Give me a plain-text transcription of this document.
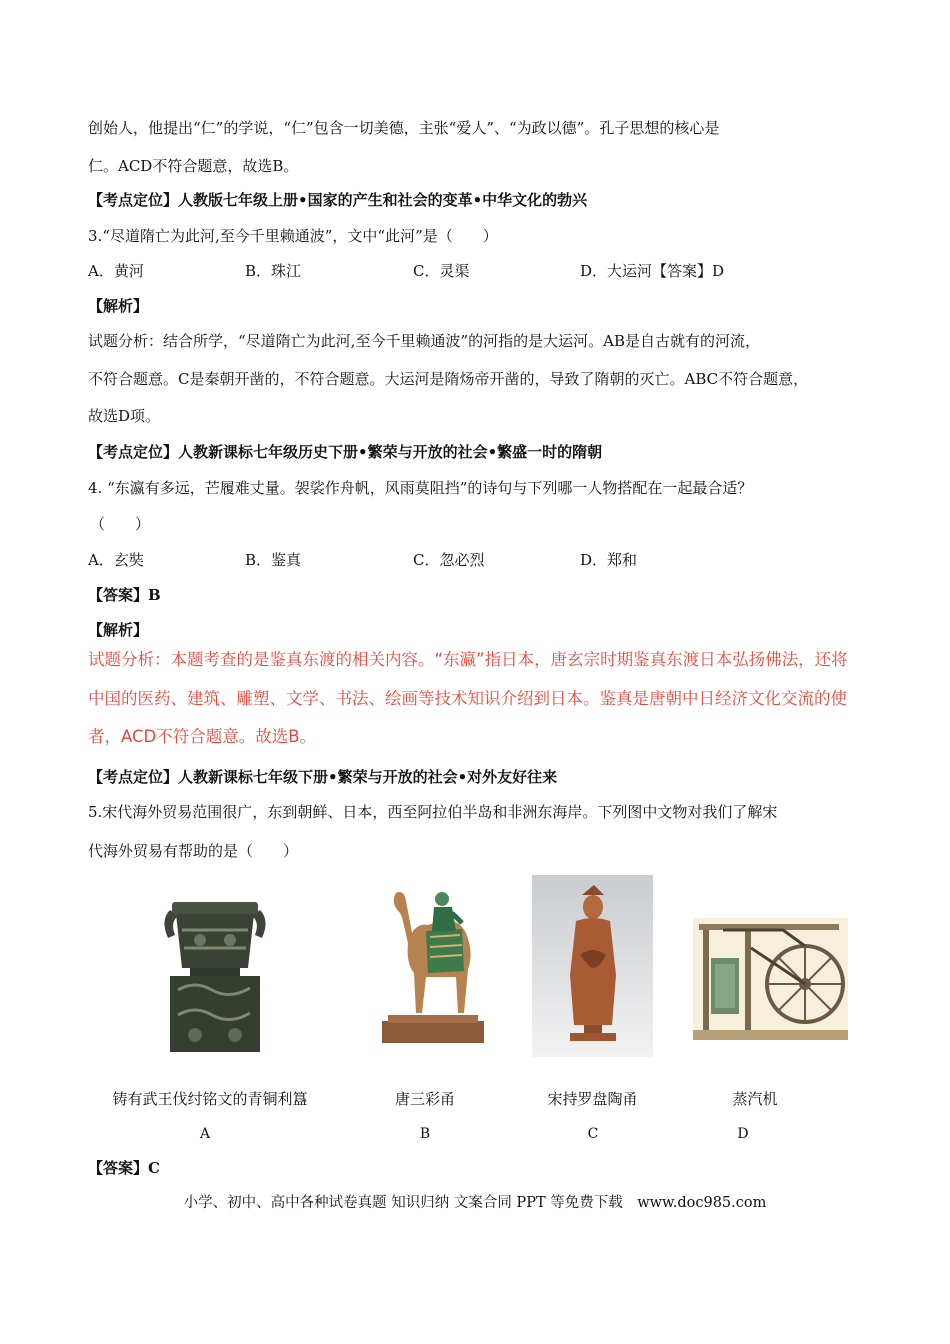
创始人，他提出“仁”的学说，“仁”包含一切美德，主张“爱人”、“为政以德”。孔子思想的核心是
仁。ACD不符合题意，故选B。
【考点定位】人教版七年级上册•国家的产生和社会的变革•中华文化的勃兴
3.“尽道隋亡为此河,至今千里赖通波”，文中“此河”是（　　）
A．黄河	B．珠江	C．灵渠	D．大运河【答案】D
【解析】
试题分析：结合所学，“尽道隋亡为此河,至今千里赖通波”的河指的是大运河。AB是自古就有的河流，
不符合题意。C是秦朝开凿的，不符合题意。大运河是隋炀帝开凿的，导致了隋朝的灭亡。ABC不符合题意，
故选D项。
【考点定位】人教新课标七年级历史下册•繁荣与开放的社会•繁盛一时的隋朝
4. “东瀛有多远，芒履难丈量。袈裟作舟帆，风雨莫阻挡”的诗句与下列哪一人物搭配在一起最合适？
（　　）
A．玄奘	B．鉴真	C．忽必烈	D．郑和
【答案】B
【解析】
试题分析：本题考查的是鉴真东渡的相关内容。“东瀛”指日本，唐玄宗时期鉴真东渡日本弘扬佛法，还将
中国的医药、建筑、雕塑、文学、书法、绘画等技术知识介绍到日本。鉴真是唐朝中日经济文化交流的使
者，ACD不符合题意。故选B。
【考点定位】人教新课标七年级下册•繁荣与开放的社会•对外友好往来
5.宋代海外贸易范围很广，东到朝鲜、日本，西至阿拉伯半岛和非洲东海岸。下列图中文物对我们了解宋
代海外贸易有帮助的是（　　）
铸有武王伐纣铭文的青铜利簋
A
唐三彩甬
B
宋持罗盘陶甬
C
蒸汽机
D
【答案】C
小学、初中、高中各种试卷真题 知识归纳 文案合同 PPT 等免费下载　www.doc985.com
